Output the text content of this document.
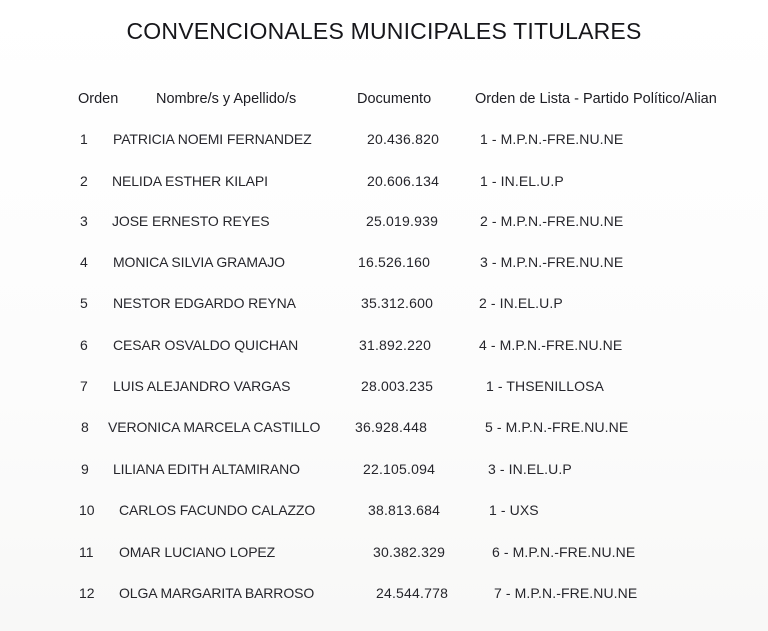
CONVENCIONALES MUNICIPALES TITULARES
Orden	Nombre/s y Apellido/s	Documento	Orden de Lista - Partido Político/Alian
1 PATRICIA NOEMI FERNANDEZ	20.436.820	1 - M.P.N.-FRE.NU.NE
2 NELIDA ESTHER KILAPI	20.606.134	1 - IN.EL.U.P
3 JOSE ERNESTO REYES	25.019.939	2 - M.P.N.-FRE.NU.NE
4 MONICA SILVIA GRAMAJO	16.526.160	3 - M.P.N.-FRE.NU.NE
5 NESTOR EDGARDO REYNA	35.312.600	2 - IN.EL.U.P
6 CESAR OSVALDO QUICHAN	31.892.220	4 - M.P.N.-FRE.NU.NE
7 LUIS ALEJANDRO VARGAS	28.003.235	1 - THSENILLOSA
8 VERONICA MARCELA CASTILLO 36.928.448	5 - M.P.N.-FRE.NU.NE
9 LILIANA EDITH ALTAMIRANO	22.105.094	3 - IN.EL.U.P
10 CARLOS FACUNDO CALAZZO	38.813.684	1 - UXS
11 OMAR LUCIANO LOPEZ	30.382.329	6 - M.P.N.-FRE.NU.NE
12 OLGA MARGARITA BARROSO	24.544.778	7 - M.P.N.-FRE.NU.NE
